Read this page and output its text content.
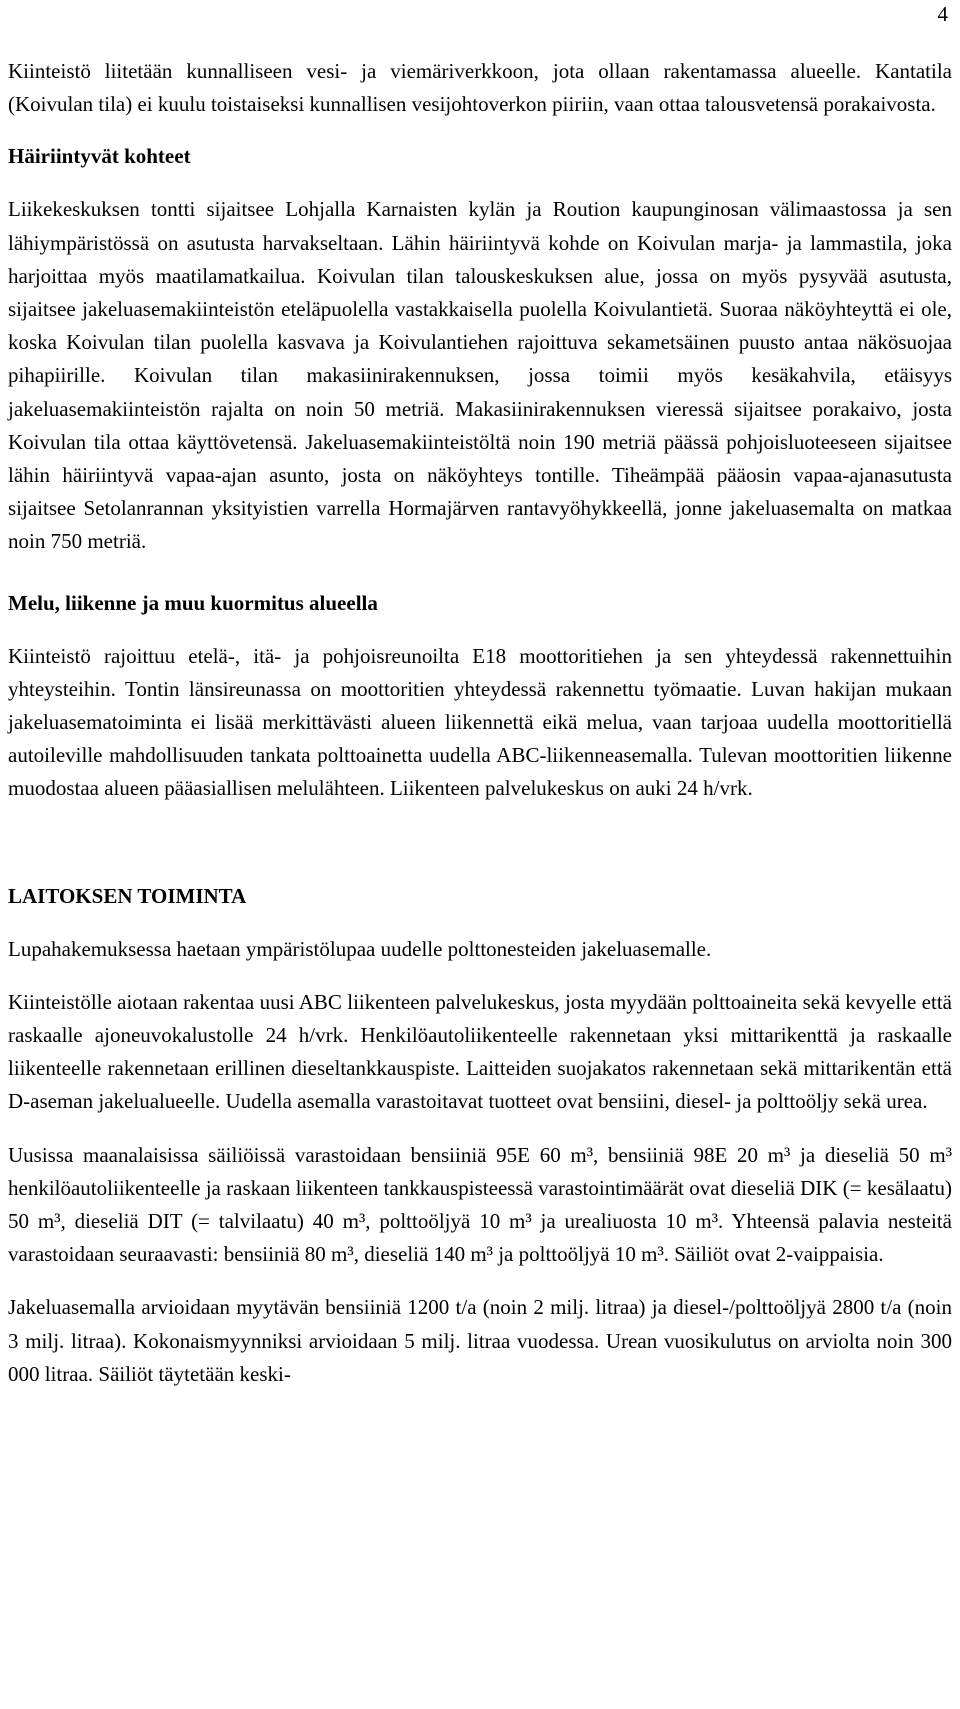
4

Kiinteistö liitetään kunnalliseen vesi- ja viemäriverkkoon, jota ollaan rakentamassa alueelle. Kantatila (Koivulan tila) ei kuulu toistaiseksi kunnallisen vesijohtoverkon piiriin, vaan ottaa talousvetensä porakaivosta.

Häiriintyvät kohteet

Liikekeskuksen tontti sijaitsee Lohjalla Karnaisten kylän ja Roution kaupunginosan välimaastossa ja sen lähiympäristössä on asutusta harvakseltaan. Lähin häiriintyvä kohde on Koivulan marja- ja lammastila, joka harjoittaa myös maatilamatkailua. Koivulan tilan talouskeskuksen alue, jossa on myös pysyvää asutusta, sijaitsee jakeluasemakiinteistön eteläpuolella vastakkaisella puolella Koivulantietä. Suoraa näköyhteyttä ei ole, koska Koivulan tilan puolella kasvava ja Koivulantiehen rajoittuva sekametsäinen puusto antaa näkösuojaa pihapiirille. Koivulan tilan makasiinirakennuksen, jossa toimii myös kesäkahvila, etäisyys jakeluasemakiinteistön rajalta on noin 50 metriä. Makasiinirakennuksen vieressä sijaitsee porakaivo, josta Koivulan tila ottaa käyttövetensä. Jakeluasemakiinteistöltä noin 190 metriä päässä pohjoisluoteeseen sijaitsee lähin häiriintyvä vapaa-ajan asunto, josta on näköyhteys tontille. Tiheämpää pääosin vapaa-ajanasutusta sijaitsee Setolanrannan yksityistien varrella Hormajärven rantavyöhykkeellä, jonne jakeluasemalta on matkaa noin 750 metriä.

Melu, liikenne ja muu kuormitus alueella

Kiinteistö rajoittuu etelä-, itä- ja pohjoisreunoilta E18 moottoritiehen ja sen yhteydessä rakennettuihin yhteysteihin. Tontin länsireunassa on moottoritien yhteydessä rakennettu työmaatie. Luvan hakijan mukaan jakeluasematoiminta ei lisää merkittävästi alueen liikennettä eikä melua, vaan tarjoaa uudella moottoritiellä autoileville mahdollisuuden tankata polttoainetta uudella ABC-liikenneasemalla. Tulevan moottoritien liikenne muodostaa alueen pääasiallisen melulähteen. Liikenteen palvelukeskus on auki 24 h/vrk.

LAITOKSEN TOIMINTA

Lupahakemuksessa haetaan ympäristölupaa uudelle polttonesteiden jakeluasemalle.

Kiinteistölle aiotaan rakentaa uusi ABC liikenteen palvelukeskus, josta myydään polttoaineita sekä kevyelle että raskaalle ajoneuvokalustolle 24 h/vrk. Henkilöautoliikenteelle rakennetaan yksi mittarikenttä ja raskaalle liikenteelle rakennetaan erillinen dieseltankkauspiste. Laitteiden suojakatos rakennetaan sekä mittarikentän että D-aseman jakelualueelle. Uudella asemalla varastoitavat tuotteet ovat bensiini, diesel- ja polttoöljy sekä urea.

Uusissa maanalaisissa säiliöissä varastoidaan bensiiniä 95E 60 m³, bensiiniä 98E 20 m³ ja dieseliä 50 m³ henkilöautoliikenteelle ja raskaan liikenteen tankkauspisteessä varastointimäärät ovat dieseliä DIK (= kesälaatu) 50 m³, dieseliä DIT (= talvilaatu) 40 m³, polttoöljyä 10 m³ ja urealiuosta 10 m³. Yhteensä palavia nesteitä varastoidaan seuraavasti: bensiiniä 80 m³, dieseliä 140 m³ ja polttoöljyä 10 m³. Säiliöt ovat 2-vaippaisia.

Jakeluasemalla arvioidaan myytävän bensiiniä 1200 t/a (noin 2 milj. litraa) ja diesel-/polttoöljyä 2800 t/a (noin 3 milj. litraa). Kokonaismyynniksi arvioidaan 5 milj. litraa vuodessa. Urean vuosikulutus on arviolta noin 300 000 litraa. Säiliöt täytetään keski-
